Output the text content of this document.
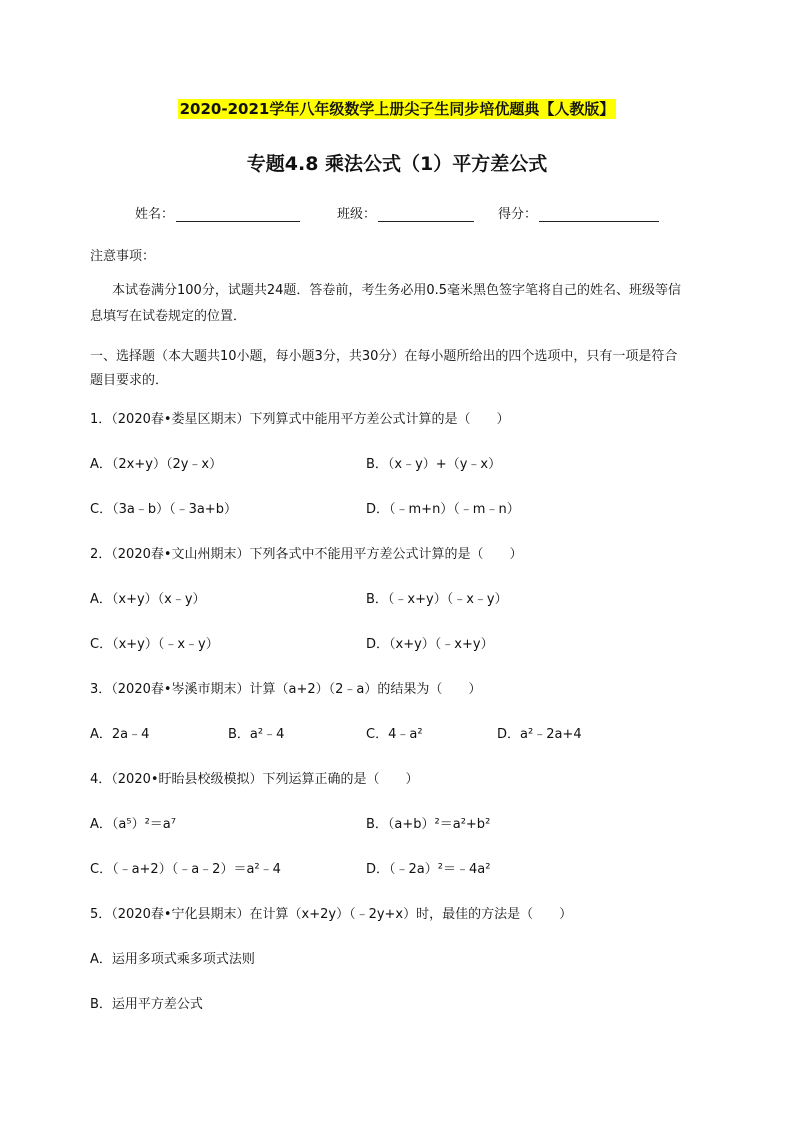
2020-2021学年八年级数学上册尖子生同步培优题典【人教版】
专题4.8 乘法公式（1）平方差公式
姓名：	班级：	得分：
注意事项：
本试卷满分100分，试题共24题．答卷前，考生务必用0.5毫米黑色签字笔将自己的姓名、班级等信
息填写在试卷规定的位置．
一、选择题（本大题共10小题，每小题3分，共30分）在每小题所给出的四个选项中，只有一项是符合
题目要求的．
1．（2020春•娄星区期末）下列算式中能用平方差公式计算的是（　　）
A．（2x+y）（2y﹣x）	B．（x﹣y）+（y﹣x）
C．（3a﹣b）（﹣3a+b）	D．（﹣m+n）（﹣m﹣n）
2．（2020春•文山州期末）下列各式中不能用平方差公式计算的是（　　）
A．（x+y）（x﹣y）	B．（﹣x+y）（﹣x﹣y）
C．（x+y）（﹣x﹣y）	D．（x+y）（﹣x+y）
3．（2020春•岑溪市期末）计算（a+2）（2﹣a）的结果为（　　）
A．2a﹣4	B．a²﹣4	C．4﹣a²	D．a²﹣2a+4
4．（2020•盱眙县校级模拟）下列运算正确的是（　　）
A．（a⁵）²＝a⁷	B．（a+b）²＝a²+b²
C．（﹣a+2）（﹣a﹣2）＝a²﹣4	D．（﹣2a）²＝﹣4a²
5．（2020春•宁化县期末）在计算（x+2y）（﹣2y+x）时，最佳的方法是（　　）
A．运用多项式乘多项式法则
B．运用平方差公式
